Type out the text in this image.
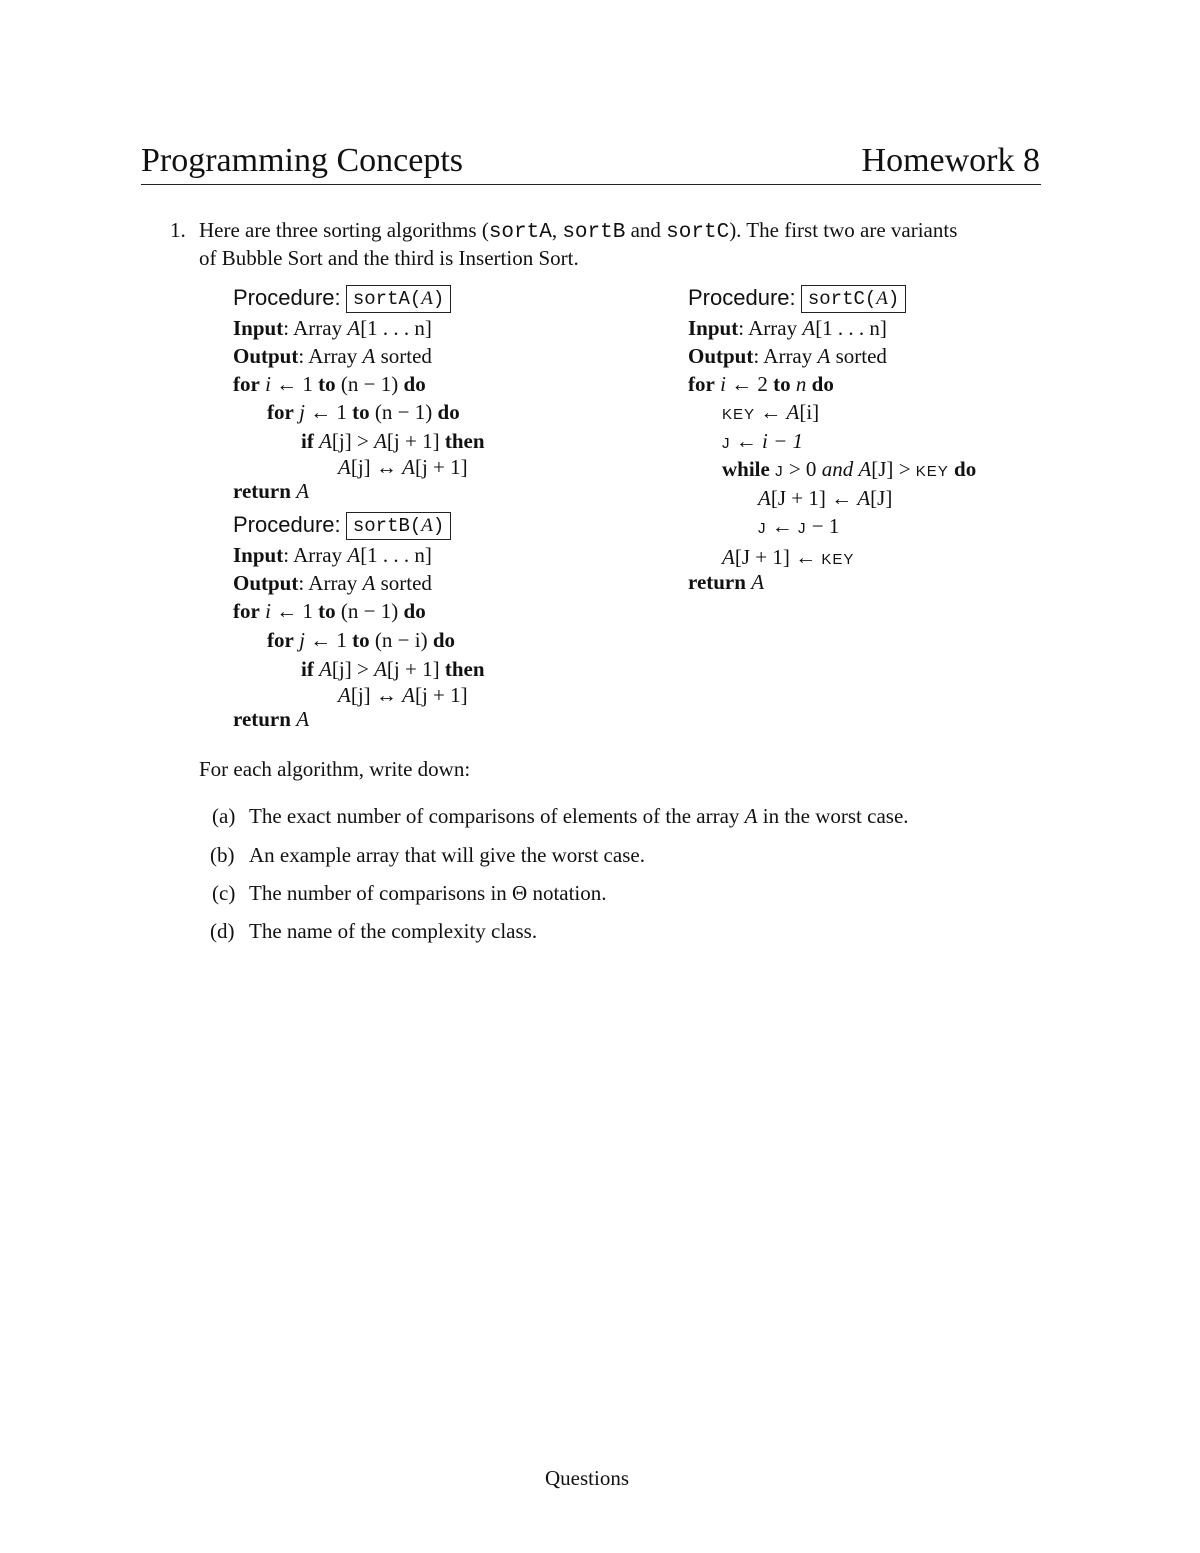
Programming Concepts	Homework 8
1. Here are three sorting algorithms (sortA, sortB and sortC). The first two are variants
of Bubble Sort and the third is Insertion Sort.
Procedure: sortA(A)
Input: Array A[1 . . . n]
Output: Array A sorted
for i ← 1 to (n − 1) do
for j ← 1 to (n − 1) do
if A[j] > A[j + 1] then
A[j] ↔ A[j + 1]
return A
Procedure: sortB(A)
Input: Array A[1 . . . n]
Output: Array A sorted
for i ← 1 to (n − 1) do
for j ← 1 to (n − i) do
if A[j] > A[j + 1] then
A[j] ↔ A[j + 1]
return A
Procedure: sortC(A)
Input: Array A[1 . . . n]
Output: Array A sorted
for i ← 2 to n do
KEY ← A[i]
J ← i − 1
while J > 0 and A[J] > KEY do
A[J + 1] ← A[J]
J ← J − 1
A[J + 1] ← KEY
return A
For each algorithm, write down:
(a) The exact number of comparisons of elements of the array A in the worst case.
(b) An example array that will give the worst case.
(c) The number of comparisons in Θ notation.
(d) The name of the complexity class.
Questions
